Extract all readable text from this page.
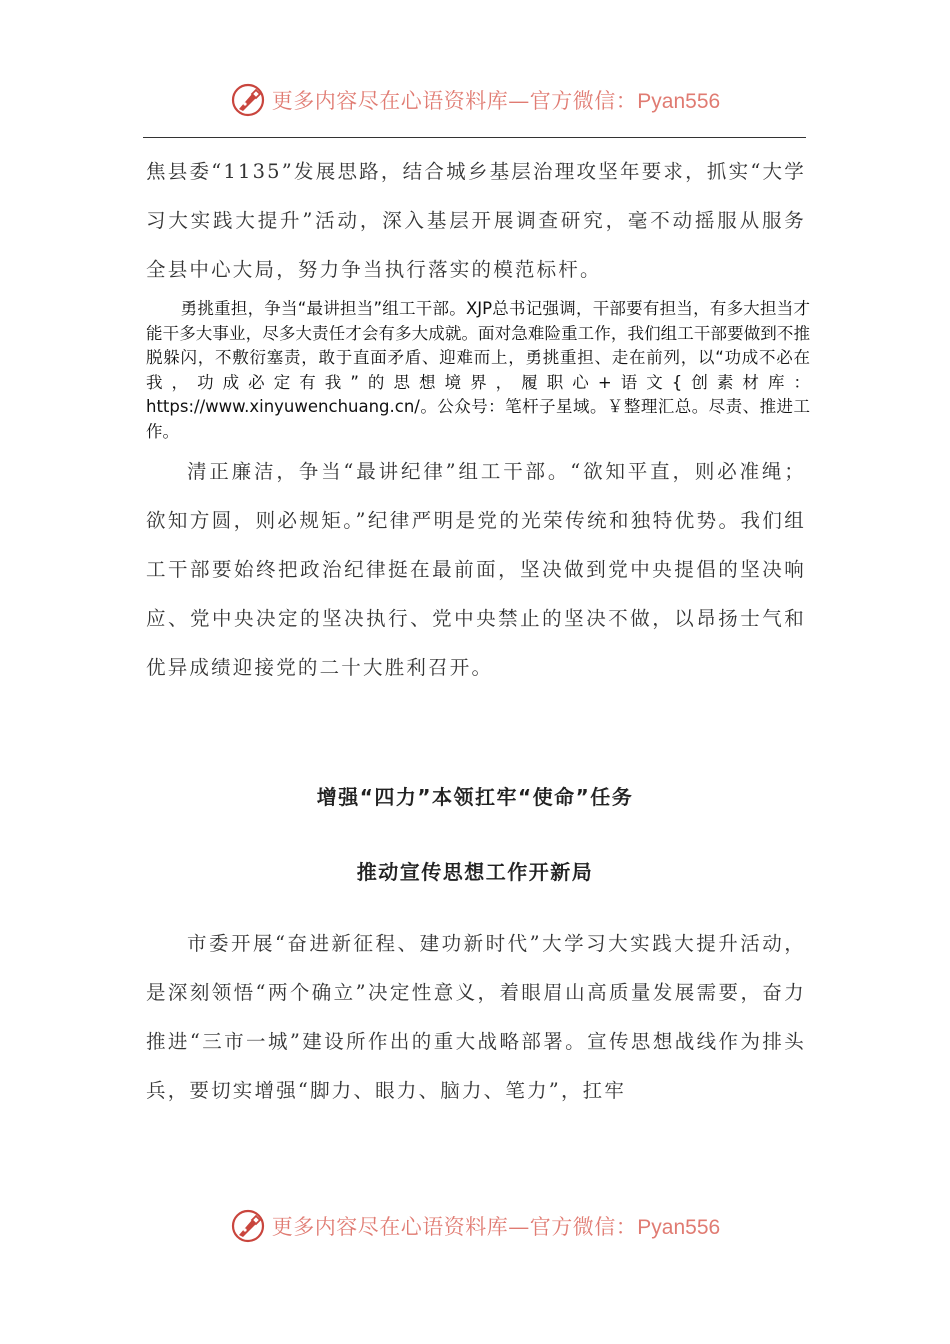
更多内容尽在心语资料库—官方微信：Pyan556

焦县委“1135”发展思路，结合城乡基层治理攻坚年要求，抓实“大学习大实践大提升”活动，深入基层开展调查研究，毫不动摇服从服务全县中心大局，努力争当执行落实的模范标杆。

勇挑重担，争当“最讲担当”组工干部。XJP总书记强调，干部要有担当，有多大担当才能干多大事业，尽多大责任才会有多大成就。面对急难险重工作，我们组工干部要做到不推脱躲闪，不敷衍塞责，敢于直面矛盾、迎难而上，勇挑重担、走在前列，以“功成不必在我，功成必定有我”的思想境界，履职心+语文{创素材库：https://www.xinyuwenchuang.cn/。公众号：笔杆子星域。￥整理汇总。尽责、推进工作。

清正廉洁，争当“最讲纪律”组工干部。“欲知平直，则必准绳；欲知方圆，则必规矩。”纪律严明是党的光荣传统和独特优势。我们组工干部要始终把政治纪律挺在最前面，坚决做到党中央提倡的坚决响应、党中央决定的坚决执行、党中央禁止的坚决不做，以昂扬士气和优异成绩迎接党的二十大胜利召开。

增强“四力”本领扛牢“使命”任务
推动宣传思想工作开新局

市委开展“奋进新征程、建功新时代”大学习大实践大提升活动，是深刻领悟“两个确立”决定性意义，着眼眉山高质量发展需要，奋力推进“三市一城”建设所作出的重大战略部署。宣传思想战线作为排头兵，要切实增强“脚力、眼力、脑力、笔力”，扛牢

更多内容尽在心语资料库—官方微信：Pyan556
